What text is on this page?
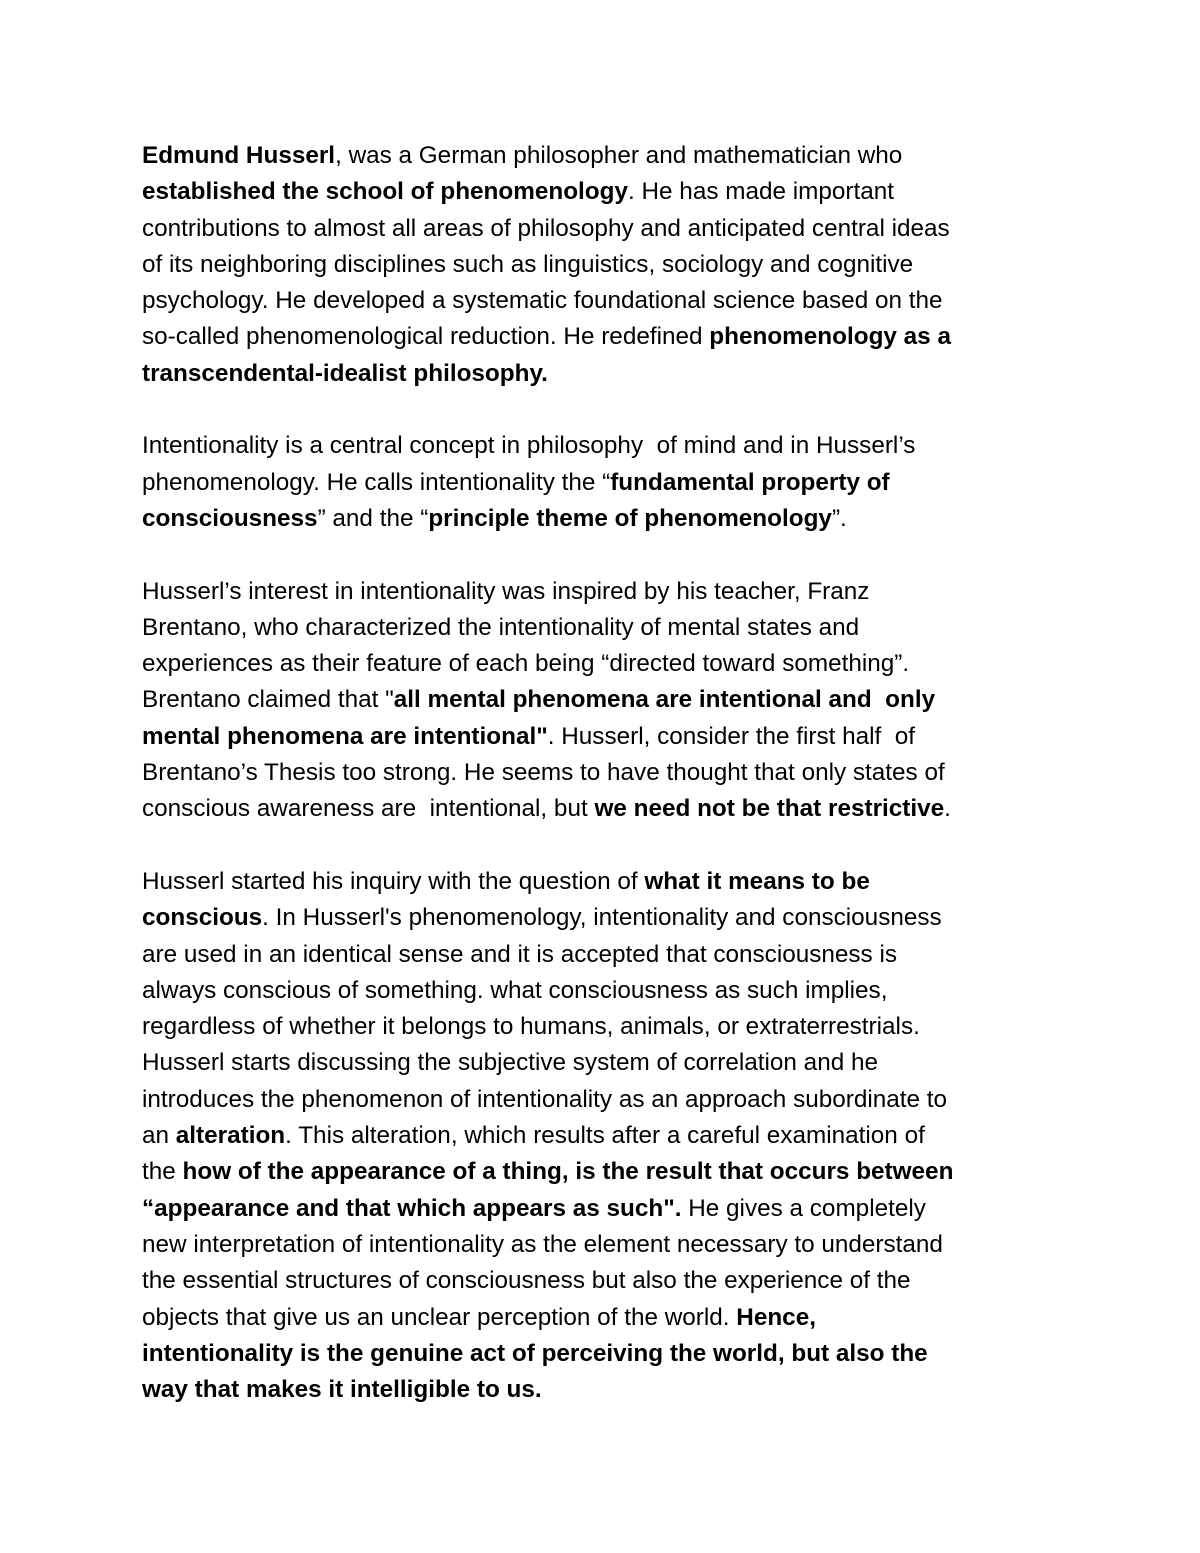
Edmund Husserl, was a German philosopher and mathematician who
established the school of phenomenology. He has made important
contributions to almost all areas of philosophy and anticipated central ideas
of its neighboring disciplines such as linguistics, sociology and cognitive
psychology. He developed a systematic foundational science based on the
so-called phenomenological reduction. He redefined phenomenology as a
transcendental-idealist philosophy.
Intentionality is a central concept in philosophy  of mind and in Husserl’s
phenomenology. He calls intentionality the “fundamental property of
consciousness” and the “principle theme of phenomenology”.
Husserl’s interest in intentionality was inspired by his teacher, Franz
Brentano, who characterized the intentionality of mental states and
experiences as their feature of each being “directed toward something”.
Brentano claimed that "all mental phenomena are intentional and  only
mental phenomena are intentional". Husserl, consider the first half  of
Brentano’s Thesis too strong. He seems to have thought that only states of
conscious awareness are  intentional, but we need not be that restrictive.
Husserl started his inquiry with the question of what it means to be
conscious. In Husserl's phenomenology, intentionality and consciousness
are used in an identical sense and it is accepted that consciousness is
always conscious of something. what consciousness as such implies,
regardless of whether it belongs to humans, animals, or extraterrestrials.
Husserl starts discussing the subjective system of correlation and he
introduces the phenomenon of intentionality as an approach subordinate to
an alteration. This alteration, which results after a careful examination of
the how of the appearance of a thing, is the result that occurs between
“appearance and that which appears as such". He gives a completely
new interpretation of intentionality as the element necessary to understand
the essential structures of consciousness but also the experience of the
objects that give us an unclear perception of the world. Hence,
intentionality is the genuine act of perceiving the world, but also the
way that makes it intelligible to us.
